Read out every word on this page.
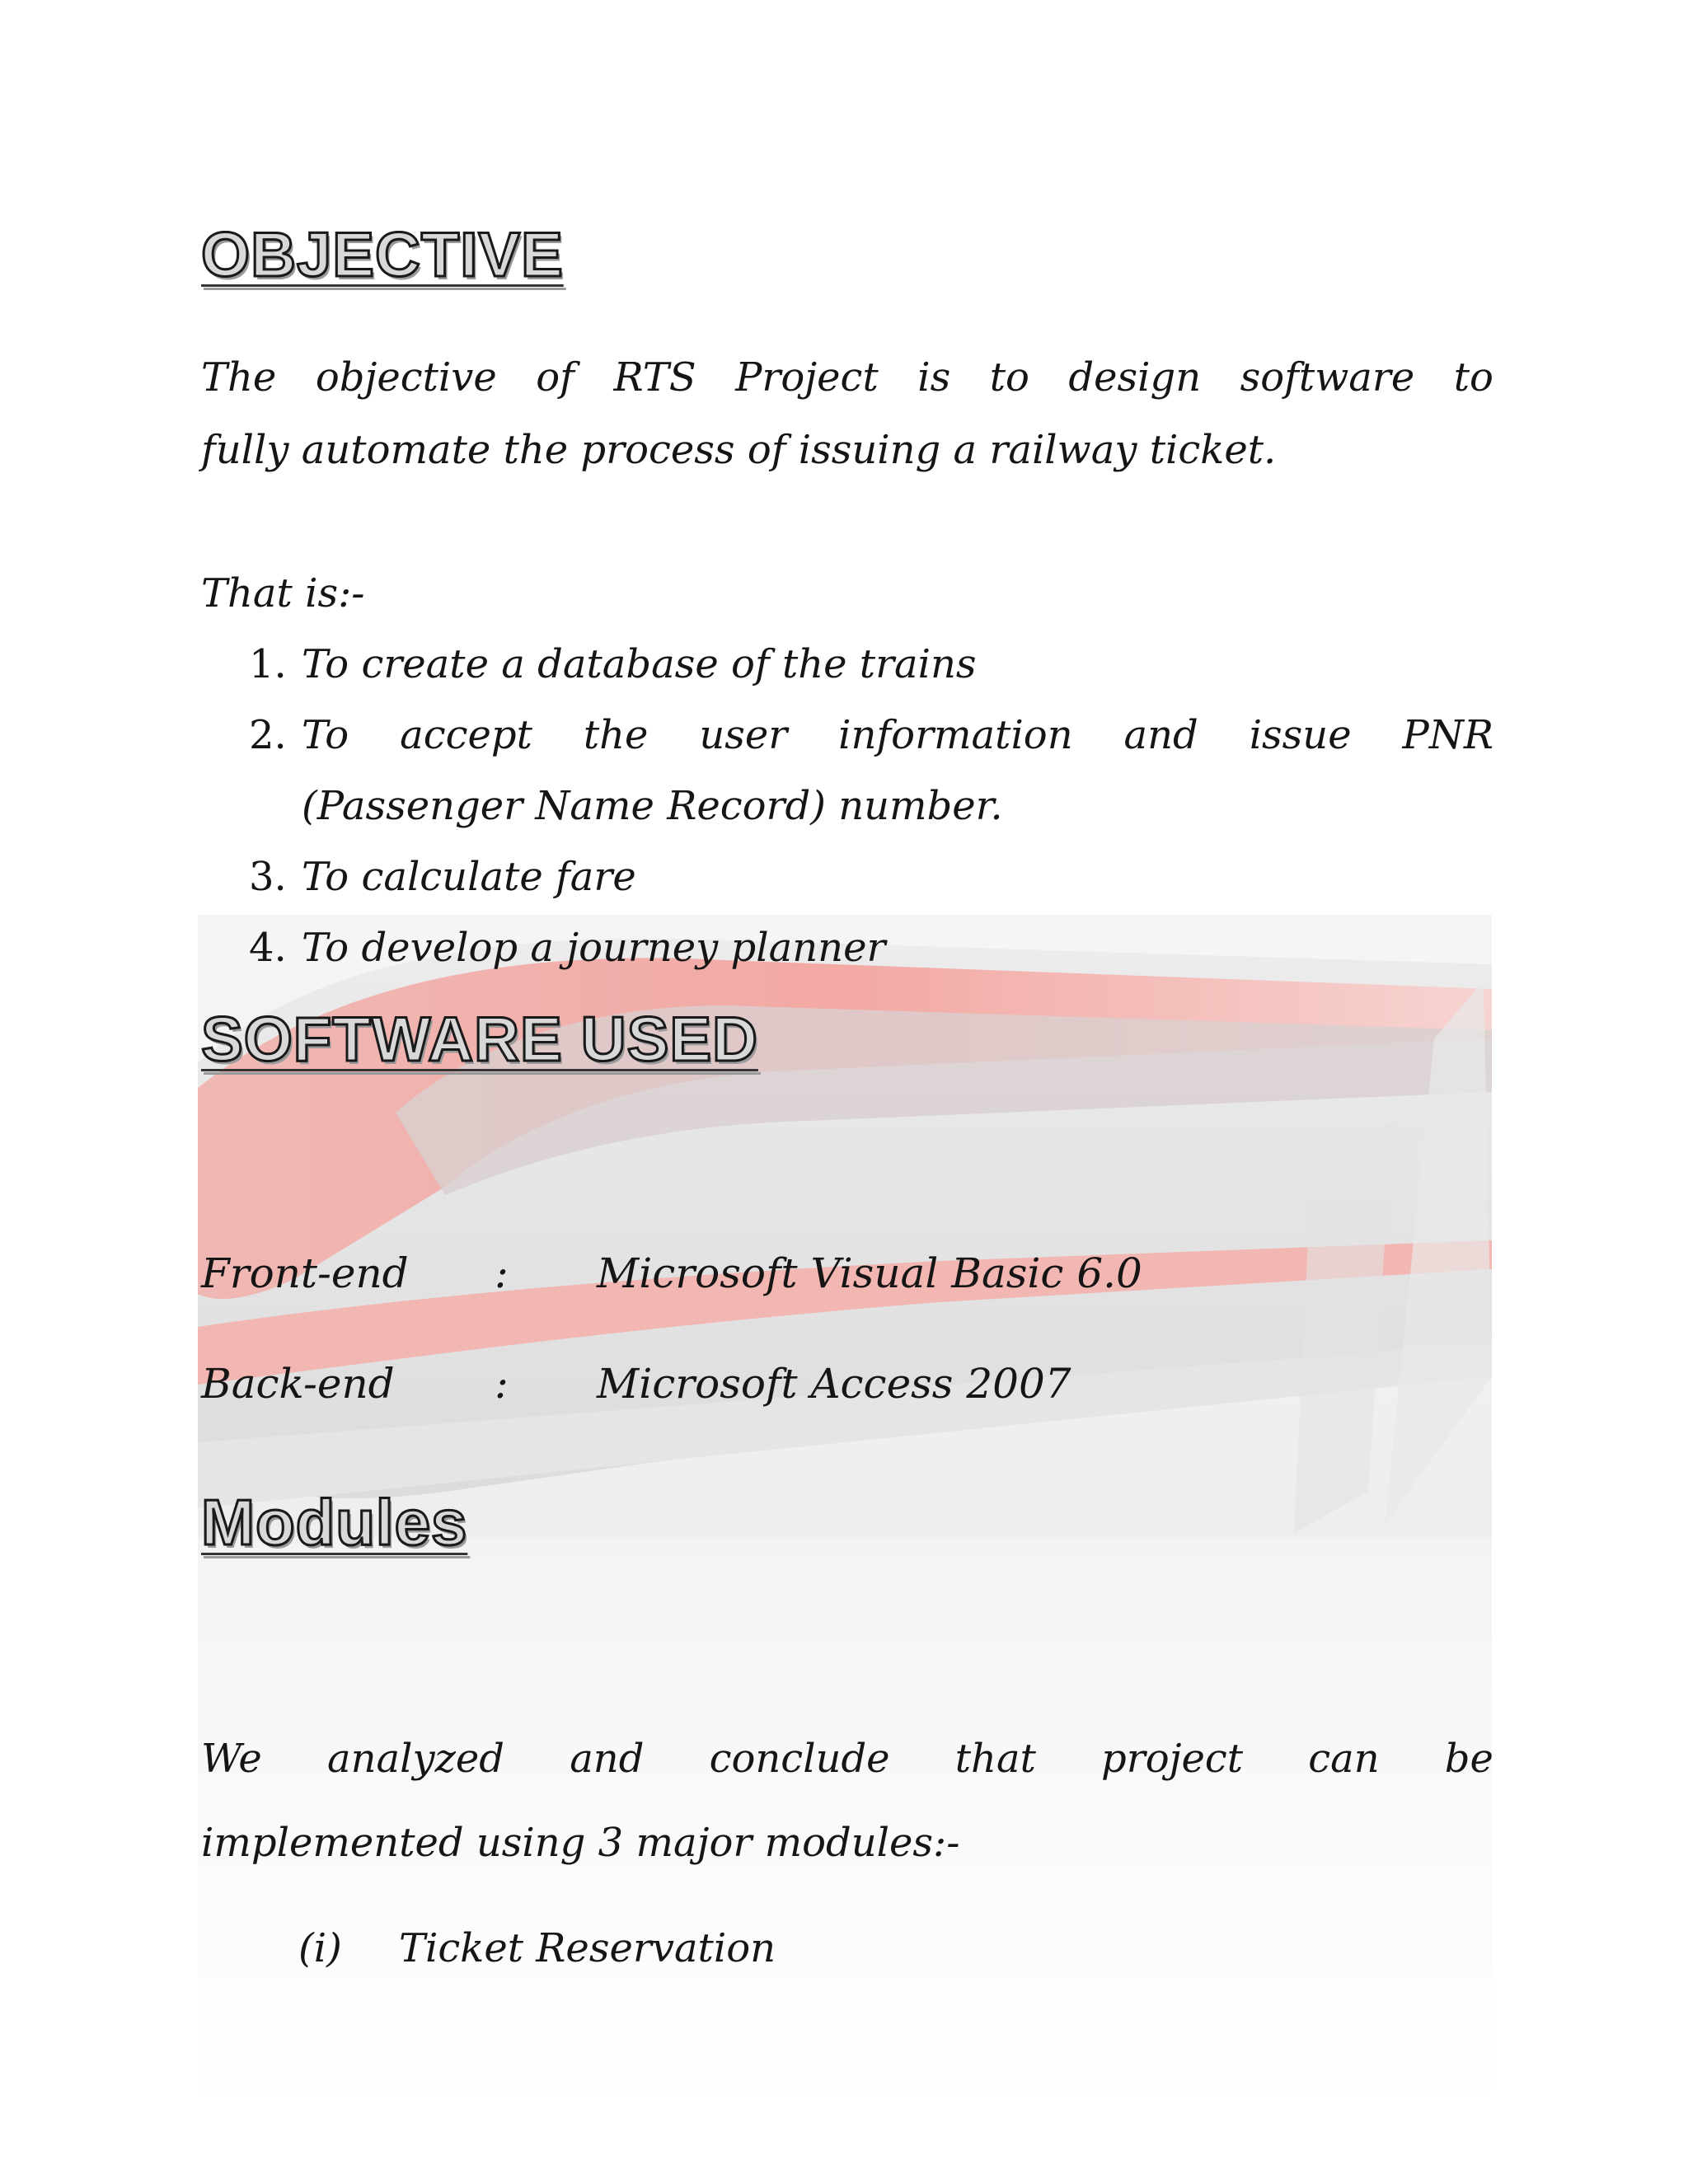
OBJECTIVE
The objective of RTS Project is to design software to
fully automate the process of issuing a railway ticket.
That is:-
1. To create a database of the trains
2. To accept the user information and issue PNR
(Passenger Name Record) number.
3. To calculate fare
4. To develop a journey planner
SOFTWARE USED
Front-end : Microsoft Visual Basic 6.0
Back-end : Microsoft Access 2007
Modules
We analyzed and conclude that project can be
implemented using 3 major modules:-
(i) Ticket Reservation
